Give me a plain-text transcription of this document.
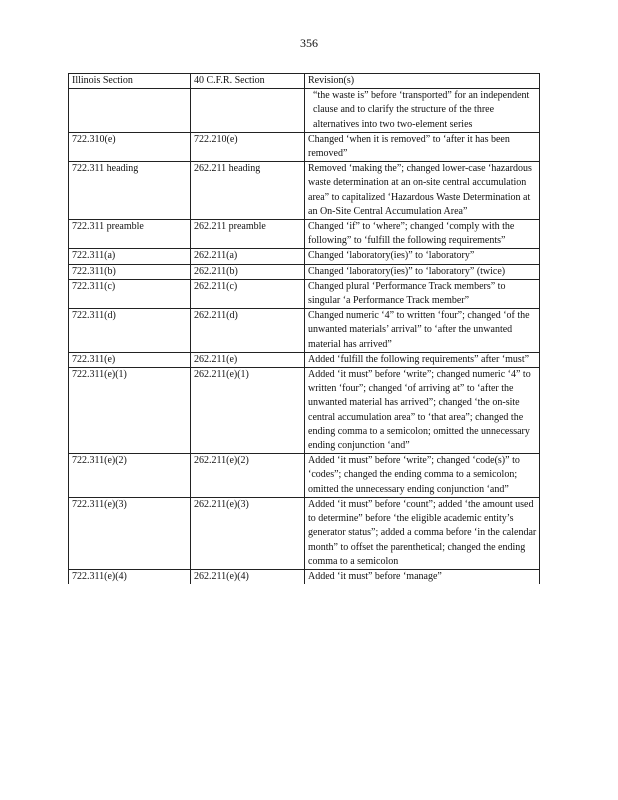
356
Illinois Section	40 C.F.R. Section	Revision(s)
		“the waste is” before ‘transported” for an independent clause and to clarify the structure of the three alternatives into two two-element series
722.310(e)	722.210(e)	Changed ‘when it is removed” to ‘after it has been removed”
722.311 heading	262.211 heading	Removed ‘making the”; changed lower-case ‘hazardous waste determination at an on-site central accumulation area” to capitalized ‘Hazardous Waste Determination at an On-Site Central Accumulation Area”
722.311 preamble	262.211 preamble	Changed ‘if” to ‘where”; changed ‘comply with the following” to ‘fulfill the following requirements”
722.311(a)	262.211(a)	Changed ‘laboratory(ies)” to ‘laboratory”
722.311(b)	262.211(b)	Changed ‘laboratory(ies)” to ‘laboratory” (twice)
722.311(c)	262.211(c)	Changed plural ‘Performance Track members” to singular ‘a Performance Track member”
722.311(d)	262.211(d)	Changed numeric ‘4” to written ‘four”; changed ‘of the unwanted materials’ arrival” to ‘after the unwanted material has arrived”
722.311(e)	262.211(e)	Added ‘fulfill the following requirements” after ‘must”
722.311(e)(1)	262.211(e)(1)	Added ‘it must” before ‘write”; changed numeric ‘4” to written ‘four”; changed ‘of arriving at” to ‘after the unwanted material has arrived”; changed ‘the on-site central accumulation area” to ‘that area”; changed the ending comma to a semicolon; omitted the unnecessary ending conjunction ‘and”
722.311(e)(2)	262.211(e)(2)	Added ‘it must” before ‘write”; changed ‘code(s)” to ‘codes”; changed the ending comma to a semicolon; omitted the unnecessary ending conjunction ‘and”
722.311(e)(3)	262.211(e)(3)	Added ‘it must” before ‘count”; added ‘the amount used to determine” before ‘the eligible academic entity’s generator status”; added a comma before ‘in the calendar month” to offset the parenthetical; changed the ending comma to a semicolon
722.311(e)(4)	262.211(e)(4)	Added ‘it must” before ‘manage”
